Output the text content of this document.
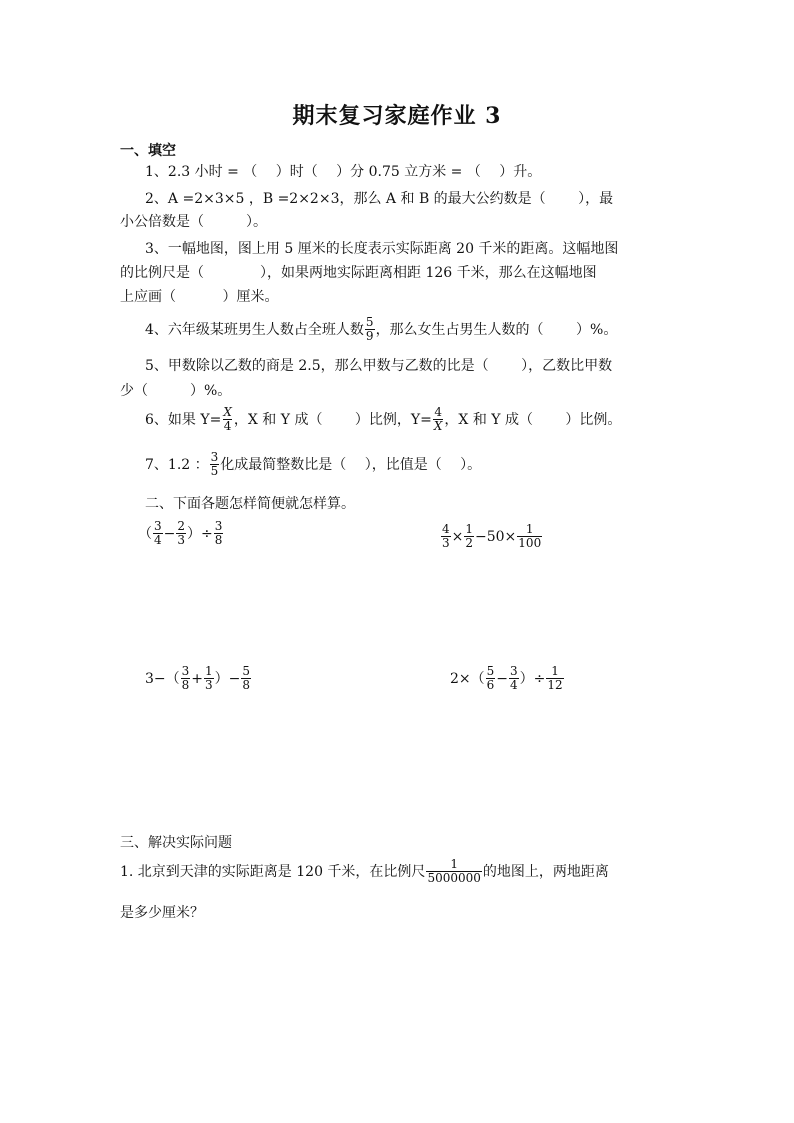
期末复习家庭作业 3
一、填空
1、2.3 小时 = （　 ）时（　 ）分 0.75 立方米 = （　 ）升。
2、A =2×3×5 ，B =2×2×3，那么 A 和 B 的最大公约数是（　　 ），最
小公倍数是（　　　）。
3、一幅地图，图上用 5 厘米的长度表示实际距离 20 千米的距离。这幅地图
的比例尺是（　　　　），如果两地实际距离相距 126 千米，那么在这幅地图
上应画（　　　 ）厘米。
4、六年级某班男生人数占全班人数 5
9 ，那么女生占男生人数的（　　 ）%。
5、甲数除以乙数的商是 2.5，那么甲数与乙数的比是（　　 ），乙数比甲数
少（　　　）%。
6、如果 $Y= \frac{X}{4}$ ，X 和 Y 成（　　 ）比例，$Y= \frac{4}{X}$ ，X 和 Y 成（　　 ）比例。
7、1.2 ： 3
5 化成最简整数比是（　 ），比值是（　 ）。
二、下面各题怎样简便就怎样算。
（ 3
$4 - \frac{2}{3}$ ）÷ $\frac{3}{8}$	$\frac{4}{3} \times \frac{1}{2} -50\times \frac{1}{100}$
3−（ 3
$8 + \frac{1}{3}$ ）− $\frac{5}{8}$	2×（ 5
$6 - \frac{3}{4}$ ）÷ $\frac{1}{12}$
三、解决实际问题
1. 北京到天津的实际距离是 120 千米，在比例尺 1
5000000 的地图上，两地距离
是多少厘米？
